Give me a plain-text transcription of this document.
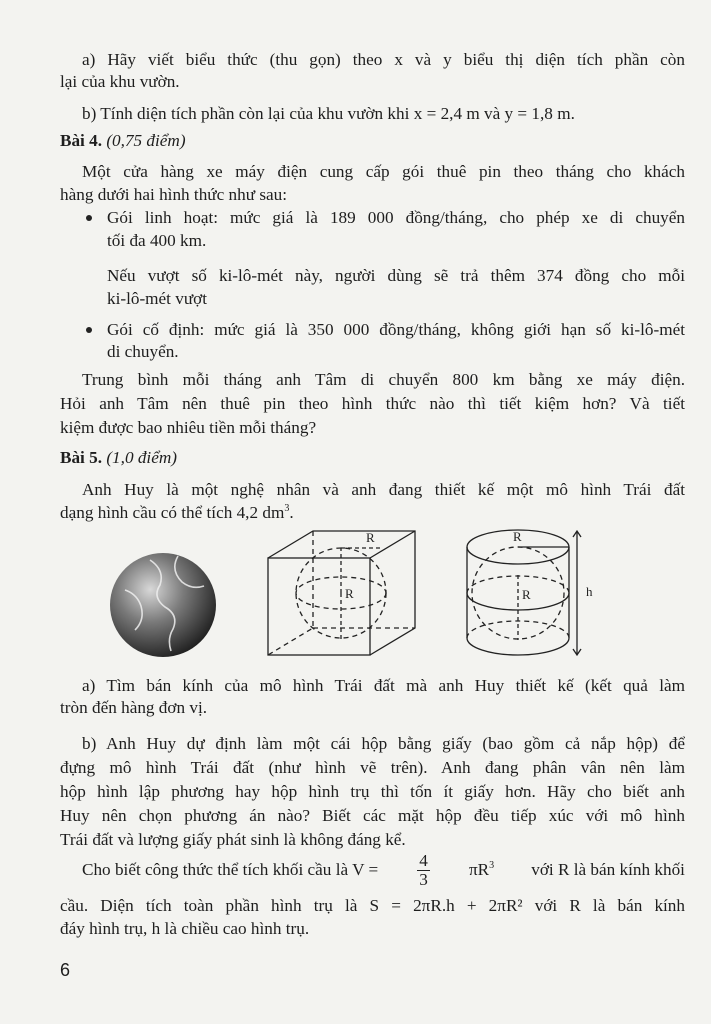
a) Hãy viết biểu thức (thu gọn) theo x và y biểu thị diện tích phần còn
lại của khu vườn.
b) Tính diện tích phần còn lại của khu vườn khi x = 2,4 m và y = 1,8 m.
Bài 4. (0,75 điểm)
Một cửa hàng xe máy điện cung cấp gói thuê pin theo tháng cho khách
hàng dưới hai hình thức như sau:
Gói linh hoạt: mức giá là 189 000 đồng/tháng, cho phép xe di chuyển
tối đa 400 km.
Nếu vượt số ki-lô-mét này, người dùng sẽ trả thêm 374 đồng cho mỗi
ki-lô-mét vượt
Gói cố định: mức giá là 350 000 đồng/tháng, không giới hạn số ki-lô-mét
di chuyển.
Trung bình mỗi tháng anh Tâm di chuyển 800 km bằng xe máy điện.
Hỏi anh Tâm nên thuê pin theo hình thức nào thì tiết kiệm hơn? Và tiết
kiệm được bao nhiêu tiền mỗi tháng?
Bài 5. (1,0 điểm)
Anh Huy là một nghệ nhân và anh đang thiết kế một mô hình Trái đất
dạng hình cầu có thể tích 4,2 $dm^3$.
R
R
R
R	h
a) Tìm bán kính của mô hình Trái đất mà anh Huy thiết kế (kết quả làm
tròn đến hàng đơn vị.
b) Anh Huy dự định làm một cái hộp bằng giấy (bao gồm cả nắp hộp) để
đựng mô hình Trái đất (như hình vẽ trên). Anh đang phân vân nên làm
hộp hình lập phương hay hộp hình trụ thì tốn ít giấy hơn. Hãy cho biết anh
Huy nên chọn phương án nào? Biết các mặt hộp đều tiếp xúc với mô hình
Trái đất và lượng giấy phát sinh là không đáng kể.
Cho biết công thức thể tích khối cầu là $V = \frac{4}{3} \pi R^3$ với R là bán kính khối
cầu. Diện tích toàn phần hình trụ là S = 2πR.h + 2πR² với R là bán kính
đáy hình trụ, h là chiều cao hình trụ.
6
